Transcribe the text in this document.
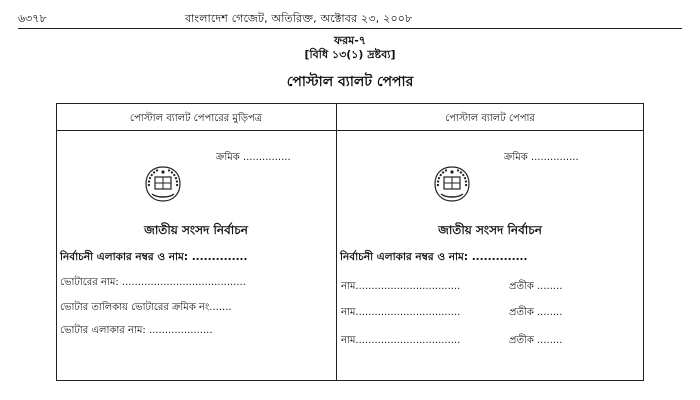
৬৩৭৮	বাংলাদেশ গেজেট, অতিরিক্ত, অক্টোবর ২৩, ২০০৮
ফরম-৭
[বিধি ১৩(১) দ্রষ্টব্য]
পোস্টাল ব্যালট পেপার
পোস্টাল ব্যালট পেপারের মুড়িপত্র	পোস্টাল ব্যালট পেপার
ক্রমিক ...............
জাতীয় সংসদ নির্বাচন
নির্বাচনী এলাকার নম্বর ও নাম: ..............
ভোটারের নাম: .......................................
ভোটার তালিকায় ভোটারের ক্রমিক নং.......
ভোটার এলাকার নাম: ....................
ক্রমিক ...............
জাতীয় সংসদ নির্বাচন
নির্বাচনী এলাকার নম্বর ও নাম: ..............
নাম.................................	প্রতীক ........
নাম.................................	প্রতীক ........
নাম.................................	প্রতীক ........
